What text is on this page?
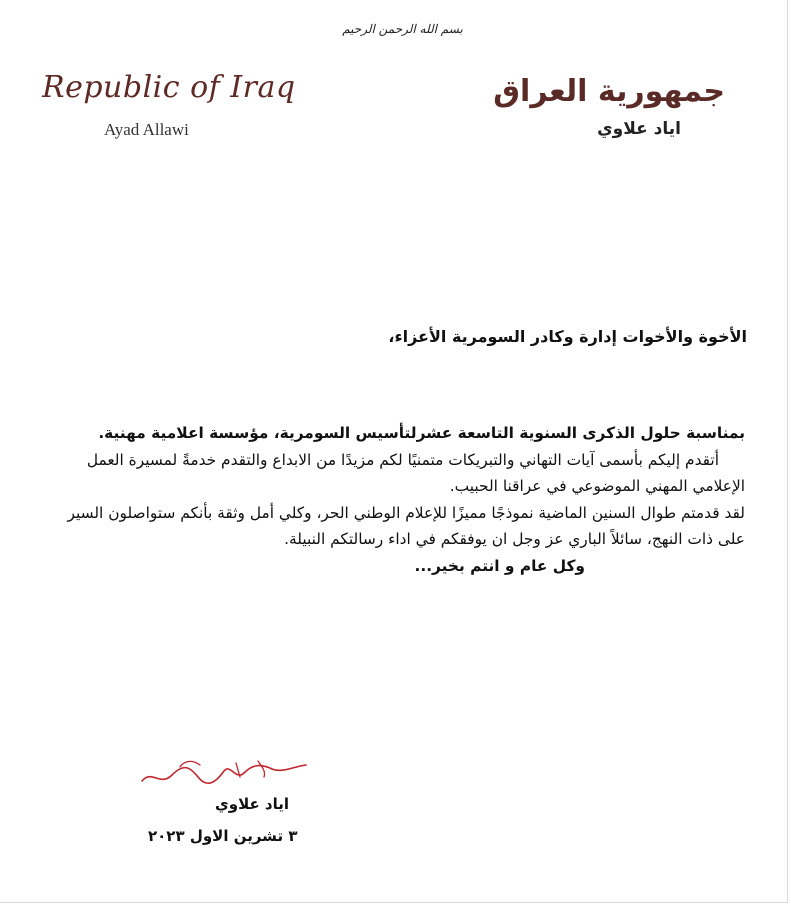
بسم الله الرحمن الرحيم
Republic of Iraq
Ayad Allawi
جمهورية العراق
اياد علاوي
الأخوة والأخوات إدارة وكادر السومرية الأعزاء،

بمناسبة حلول الذكرى السنوية التاسعة عشرلتأسيس السومرية، مؤسسة اعلامية مهنية.

أتقدم إليكم بأسمى آيات التهاني والتبريكات متمنيًا لكم مزيدًا من الابداع والتقدم خدمةً لمسيرة العمل

الإعلامي المهني الموضوعي في عراقنا الحبيب.

لقد قدمتم طوال السنين الماضية نموذجًا مميزًا للإعلام الوطني الحر، وكلي أمل وثقة بأنكم ستواصلون السير

على ذات النهج، سائلاً الباري عز وجل ان يوفقكم في اداء رسالتكم النبيلة.

وكل عام و انتم بخير...

اياد علاوي
٣ تشرين الاول ٢٠٢٣
